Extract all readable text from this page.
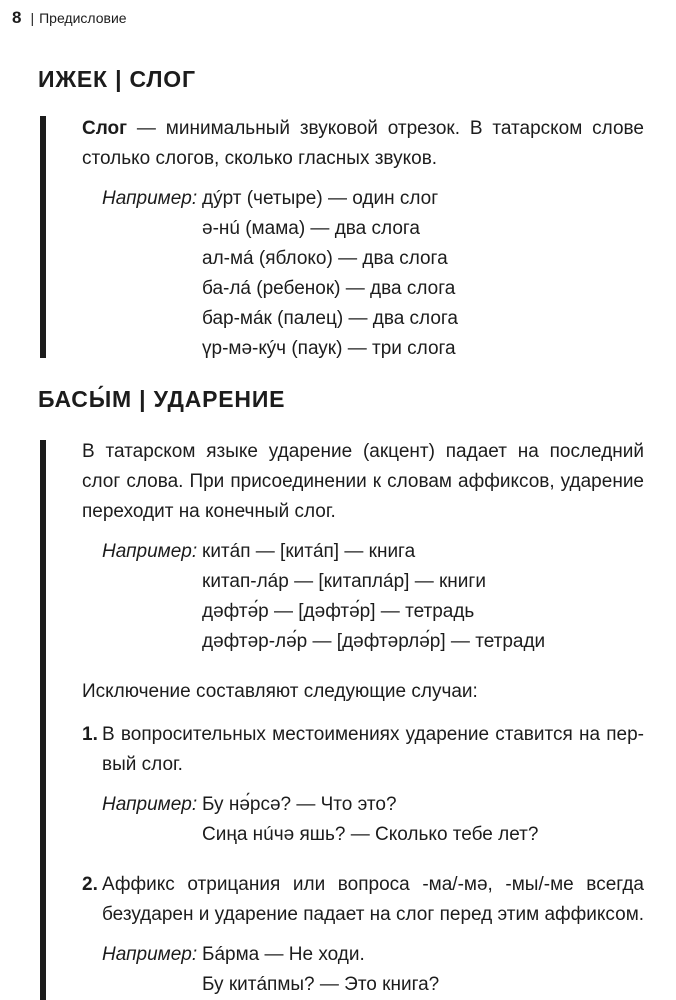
8 | Предисловие
ИЖЕК | СЛОГ
Слог — минимальный звуковой отрезок. В татарском слове
столько слогов, сколько гласных звуков.
Например: дýрт (четыре) — один слог
ә-нú (мама) — два слога
ал-мá (яблоко) — два слога
ба-лá (ребенок) — два слога
бар-мáк (палец) — два слога
үр-мә-кýч (паук) — три слога
БАСЫ́М | УДАРЕНИЕ
В татарском языке ударение (акцент) падает на последний
слог слова. При присоединении к словам аффиксов, ударение
переходит на конечный слог.
Например: китáп — [китáп] — книга
китап-лáр — [китаплáр] — книги
дәфтә́р — [дәфтә́р] — тетрадь
дәфтәр-лә́р — [дәфтәрлә́р] — тетради
Исключение составляют следующие случаи:
1. В вопросительных местоимениях ударение ставится на пер-
вый слог.
Например: Бу нә́рсә? — Что это?
Сиңа нúчә яшь? — Сколько тебе лет?
2. Аффикс отрицания или вопроса -ма/-мә, -мы/-ме всегда
безударен и ударение падает на слог перед этим аффиксом.
Например: Бáрма — Не ходи.
Бу китáпмы? — Это книга?
